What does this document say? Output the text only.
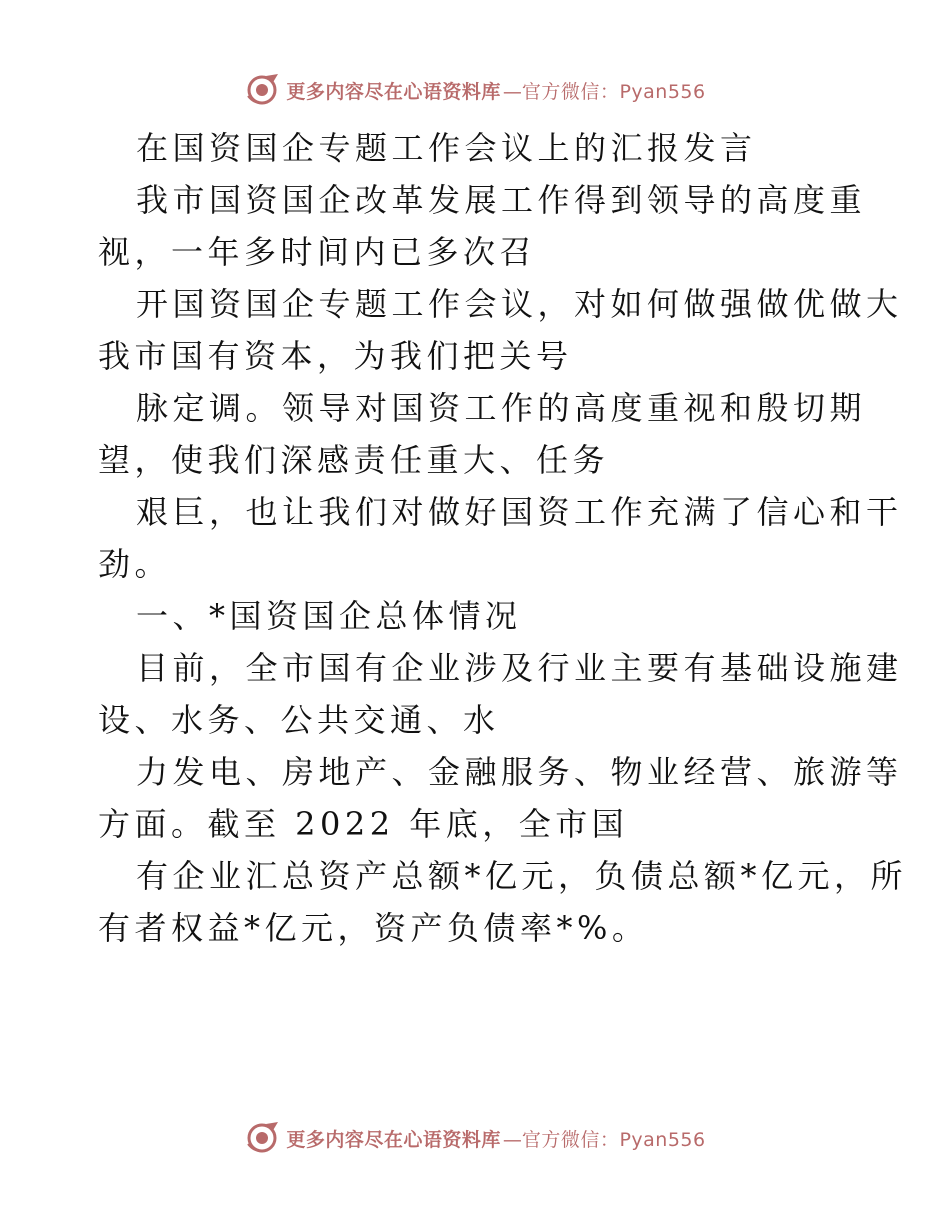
更多内容尽在心语资料库 — 官方微信：Pyan556

在国资国企专题工作会议上的汇报发言

我市国资国企改革发展工作得到领导的高度重

视，一年多时间内已多次召

开国资国企专题工作会议，对如何做强做优做大

我市国有资本，为我们把关号

脉定调。领导对国资工作的高度重视和殷切期

望，使我们深感责任重大、任务

艰巨，也让我们对做好国资工作充满了信心和干

劲。

一、*国资国企总体情况

目前，全市国有企业涉及行业主要有基础设施建

设、水务、公共交通、水

力发电、房地产、金融服务、物业经营、旅游等

方面。截至 2022 年底，全市国

有企业汇总资产总额*亿元，负债总额*亿元，所

有者权益*亿元，资产负债率*%。

更多内容尽在心语资料库 — 官方微信：Pyan556
